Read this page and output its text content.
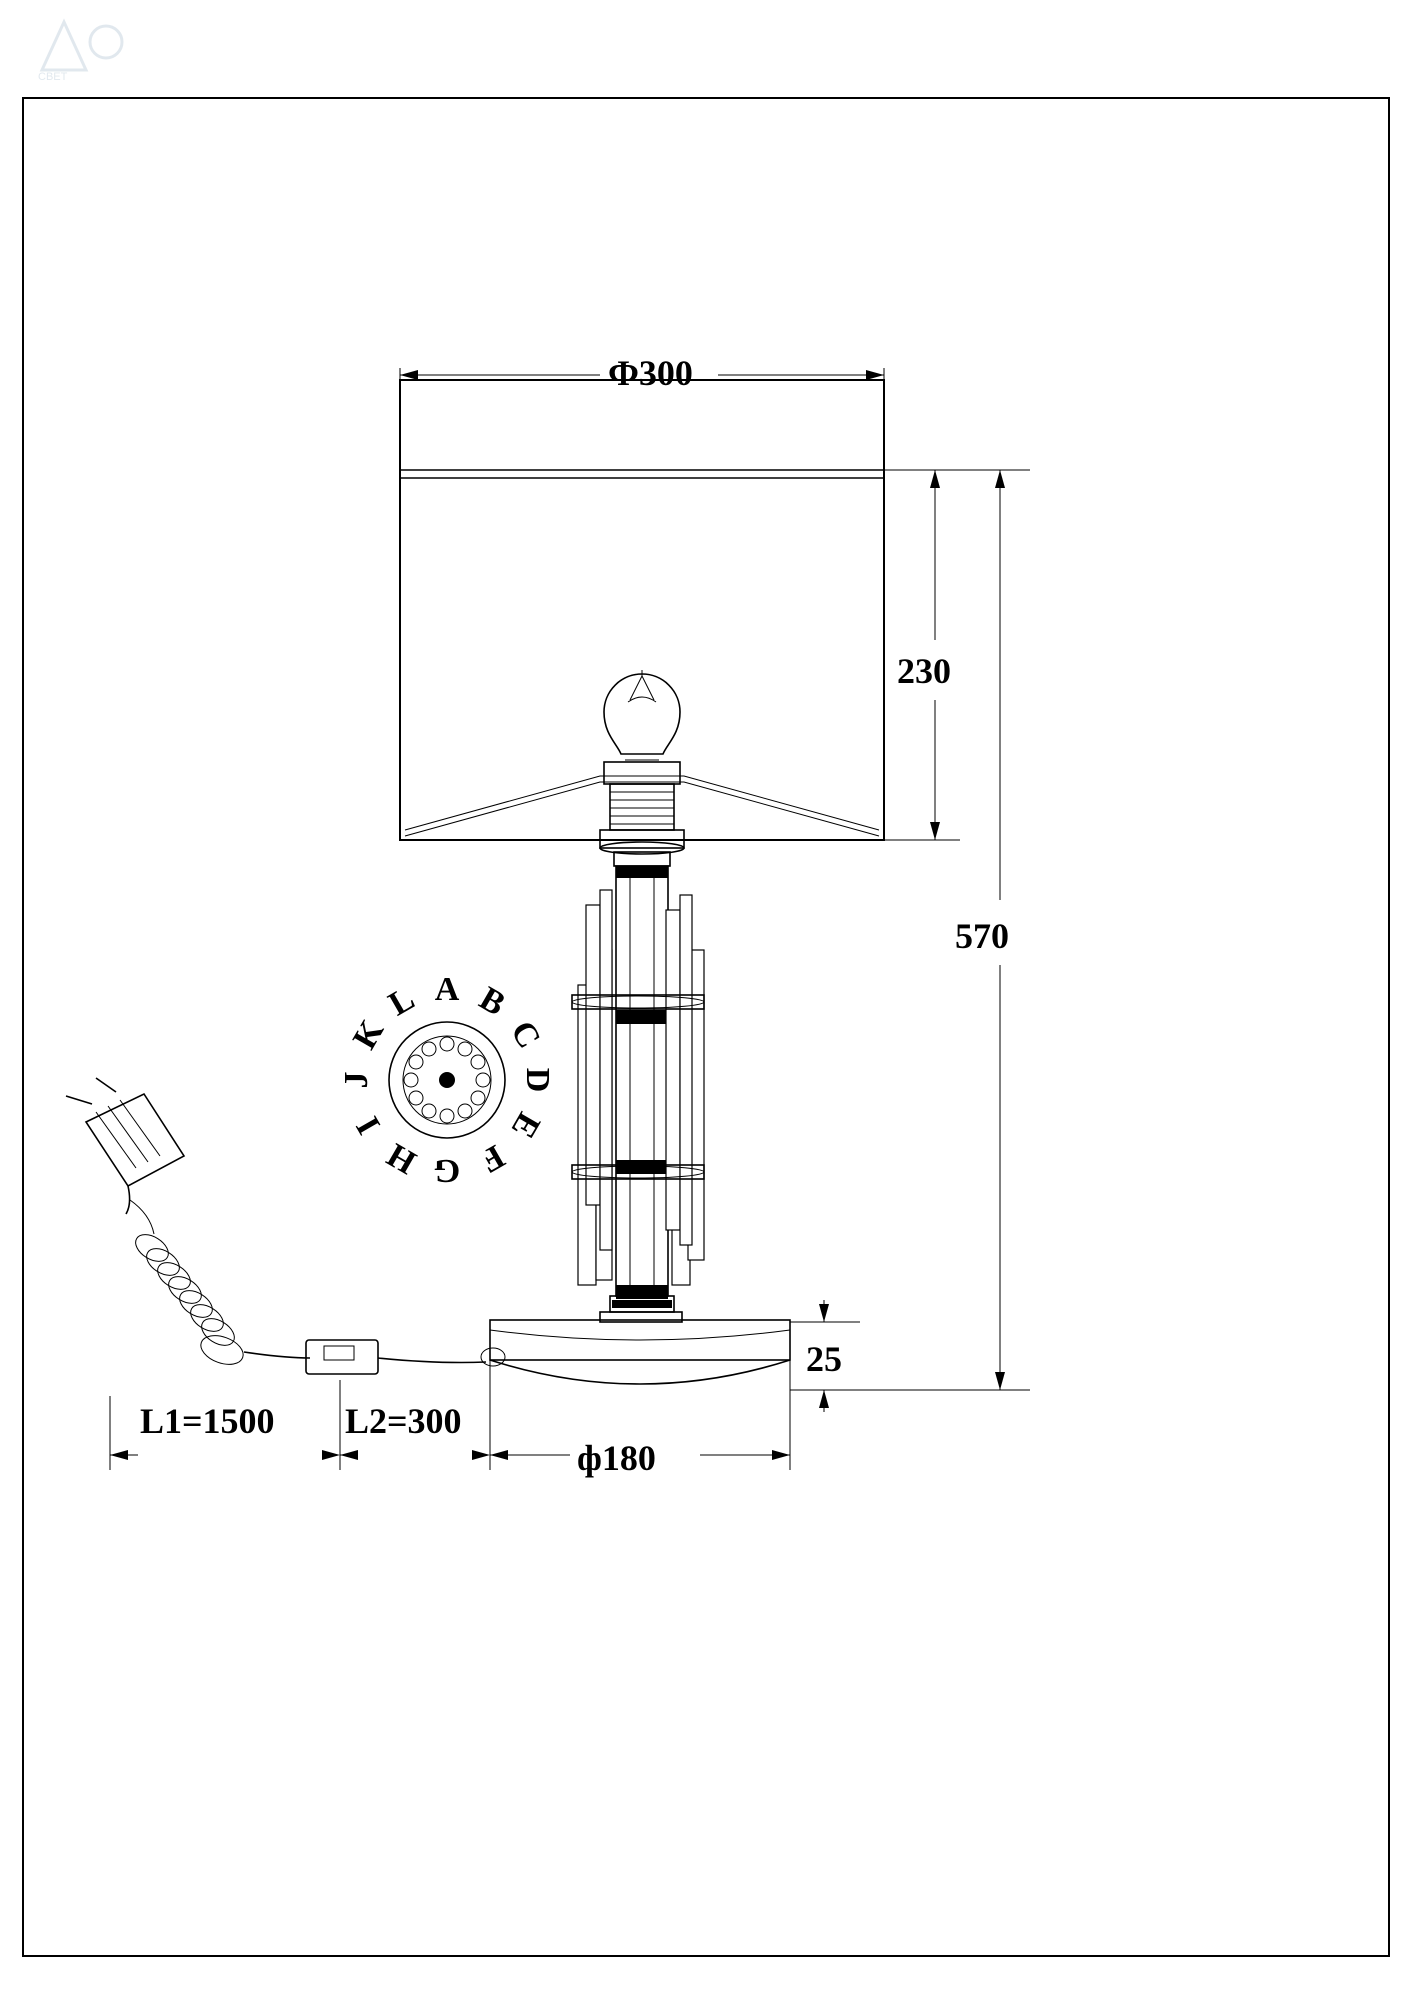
СВЕТ
A B
C
D
E
F
G
H
I
J
K
L
Ф300
230
570
25
ф180
L1=1500 L2=300
